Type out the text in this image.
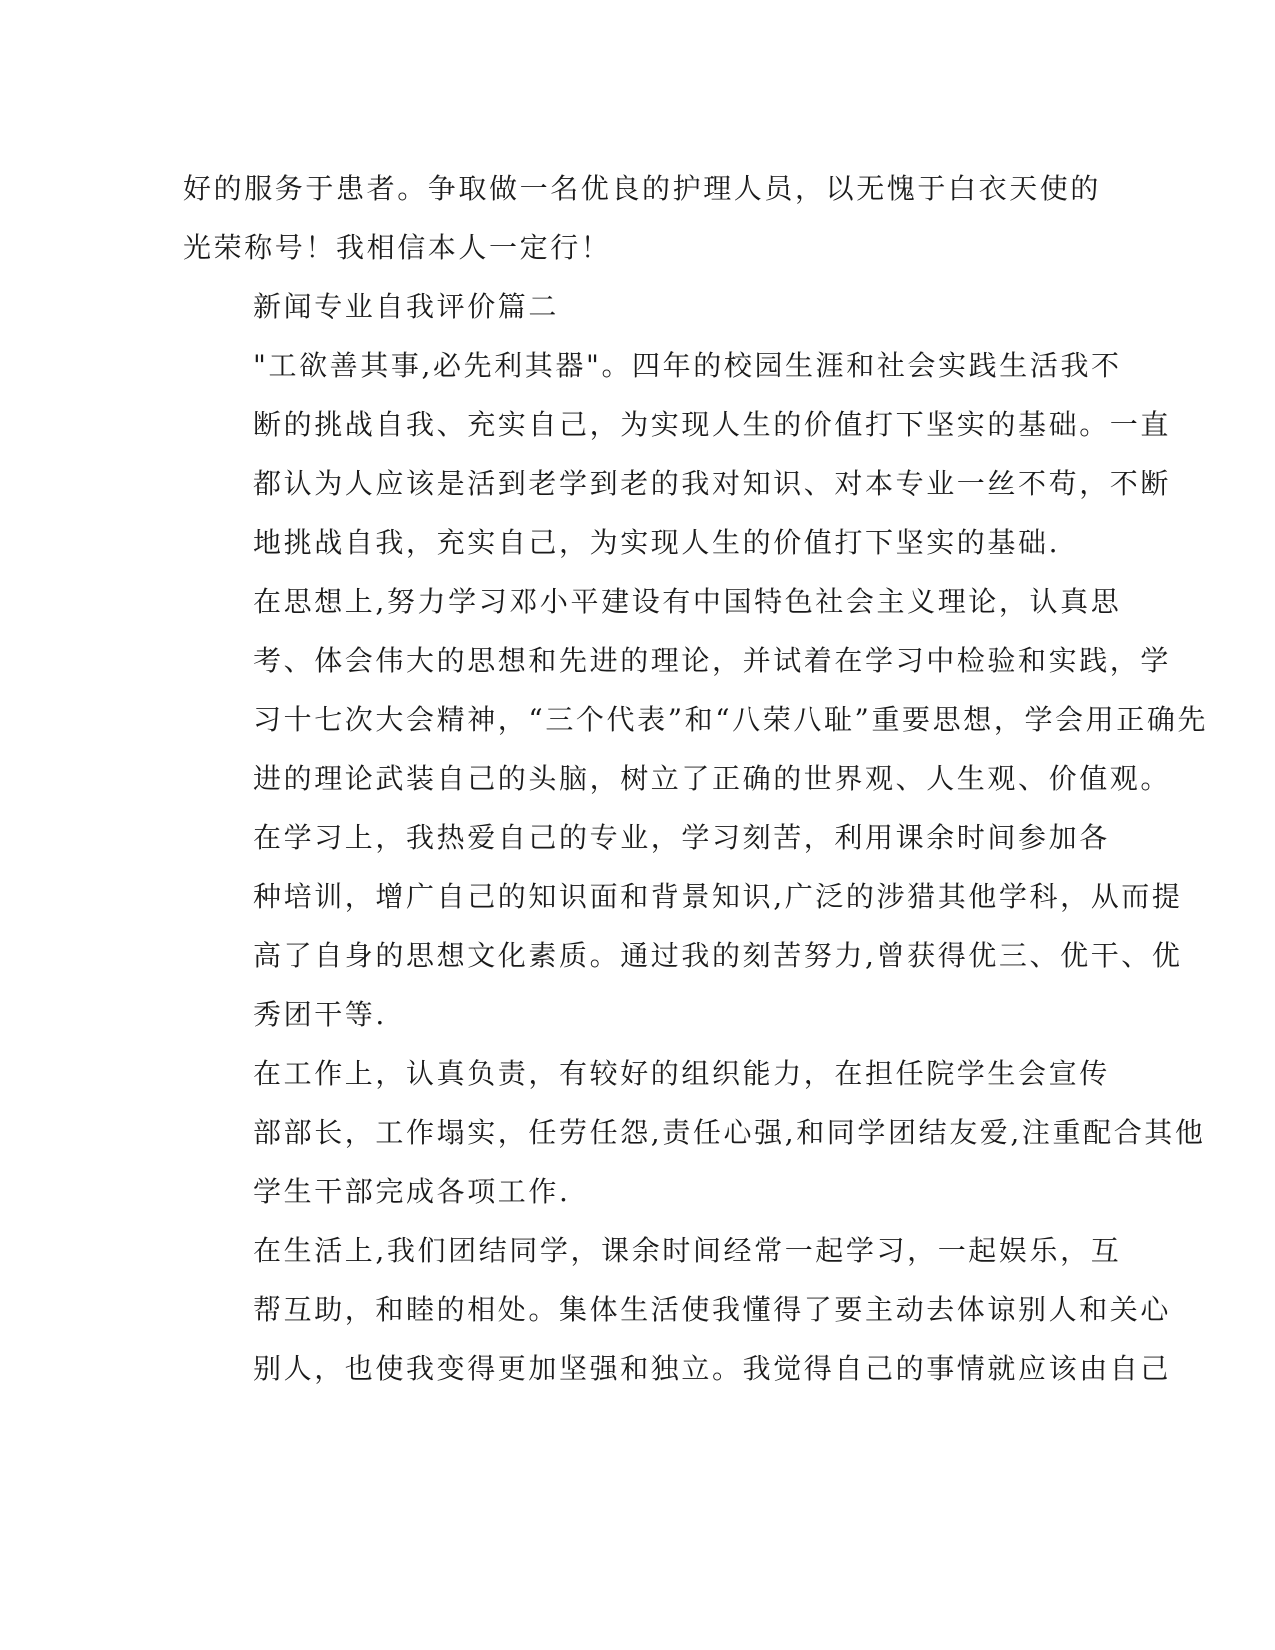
好的服务于患者。争取做一名优良的护理人员，以无愧于白衣天使的
光荣称号！我相信本人一定行！

新闻专业自我评价篇二

"工欲善其事,必先利其器"。四年的校园生涯和社会实践生活我不
断的挑战自我、充实自己，为实现人生的价值打下坚实的基础。一直
都认为人应该是活到老学到老的我对知识、对本专业一丝不苟，不断
地挑战自我，充实自己，为实现人生的价值打下坚实的基础.

在思想上,努力学习邓小平建设有中国特色社会主义理论，认真思
考、体会伟大的思想和先进的理论，并试着在学习中检验和实践，学
习十七次大会精神，“三个代表”和“八荣八耻”重要思想，学会用正确先
进的理论武装自己的头脑，树立了正确的世界观、人生观、价值观。

在学习上，我热爱自己的专业，学习刻苦，利用课余时间参加各
种培训，增广自己的知识面和背景知识,广泛的涉猎其他学科，从而提
高了自身的思想文化素质。通过我的刻苦努力,曾获得优三、优干、优
秀团干等.

在工作上，认真负责，有较好的组织能力，在担任院学生会宣传
部部长，工作塌实，任劳任怨,责任心强,和同学团结友爱,注重配合其他
学生干部完成各项工作.

在生活上,我们团结同学，课余时间经常一起学习，一起娱乐，互
帮互助，和睦的相处。集体生活使我懂得了要主动去体谅别人和关心
别人，也使我变得更加坚强和独立。我觉得自己的事情就应该由自己
